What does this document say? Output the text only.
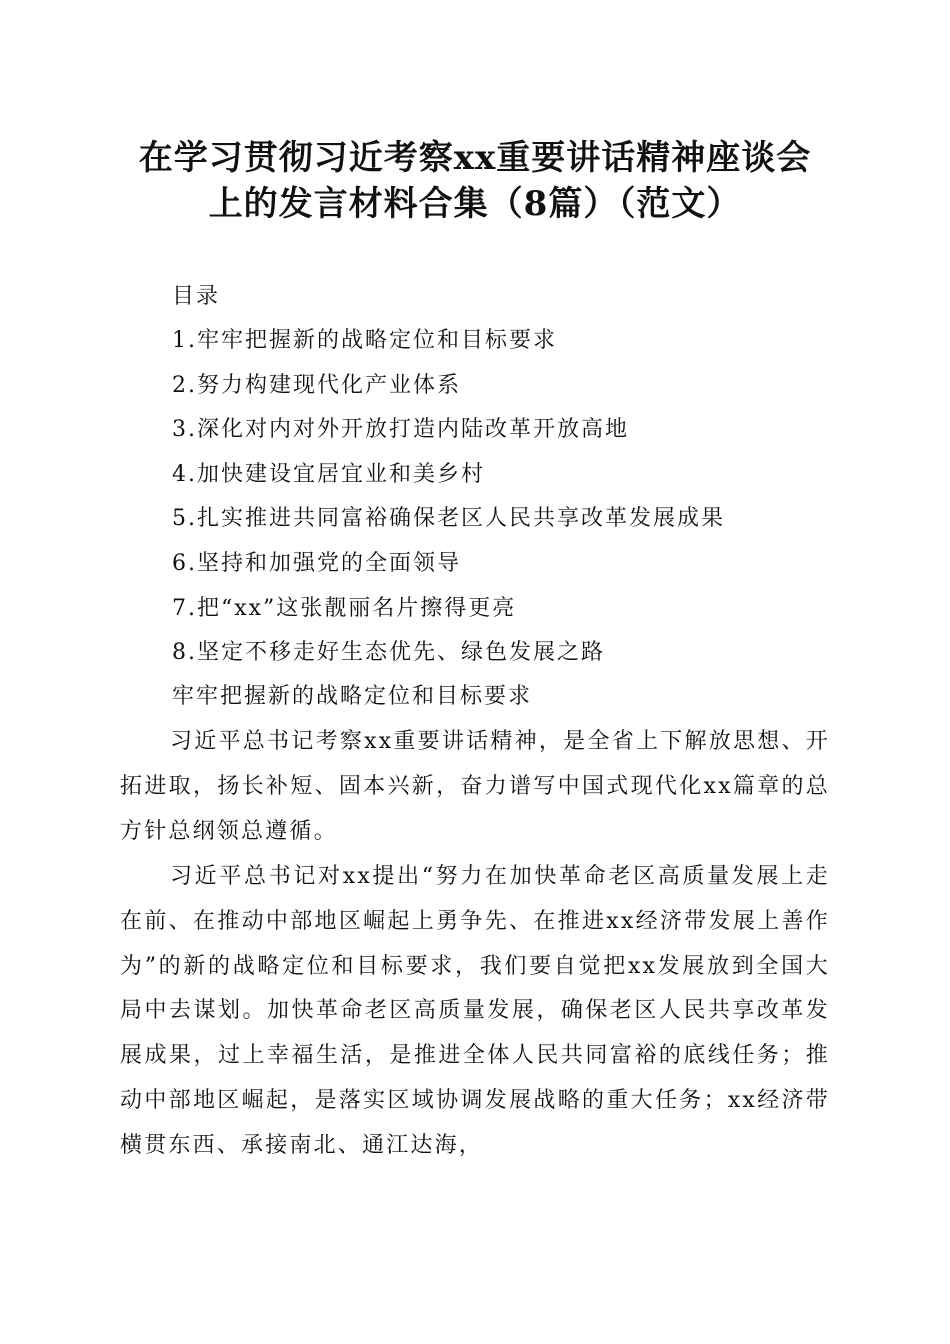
在学习贯彻习近考察xx重要讲话精神座谈会
上的发言材料合集（8篇）（范文）
目录
1.牢牢把握新的战略定位和目标要求
2.努力构建现代化产业体系
3.深化对内对外开放打造内陆改革开放高地
4.加快建设宜居宜业和美乡村
5.扎实推进共同富裕确保老区人民共享改革发展成果
6.坚持和加强党的全面领导
7.把“xx”这张靓丽名片擦得更亮
8.坚定不移走好生态优先、绿色发展之路
牢牢把握新的战略定位和目标要求

习近平总书记考察xx重要讲话精神，是全省上下解放思想、开拓进取，扬长补短、固本兴新，奋力谱写中国式现代化xx篇章的总方针总纲领总遵循。

习近平总书记对xx提出“努力在加快革命老区高质量发展上走在前、在推动中部地区崛起上勇争先、在推进xx经济带发展上善作为”的新的战略定位和目标要求，我们要自觉把xx发展放到全国大局中去谋划。加快革命老区高质量发展，确保老区人民共享改革发展成果，过上幸福生活，是推进全体人民共同富裕的底线任务；推动中部地区崛起，是落实区域协调发展战略的重大任务；xx经济带横贯东西、承接南北、通江达海，
